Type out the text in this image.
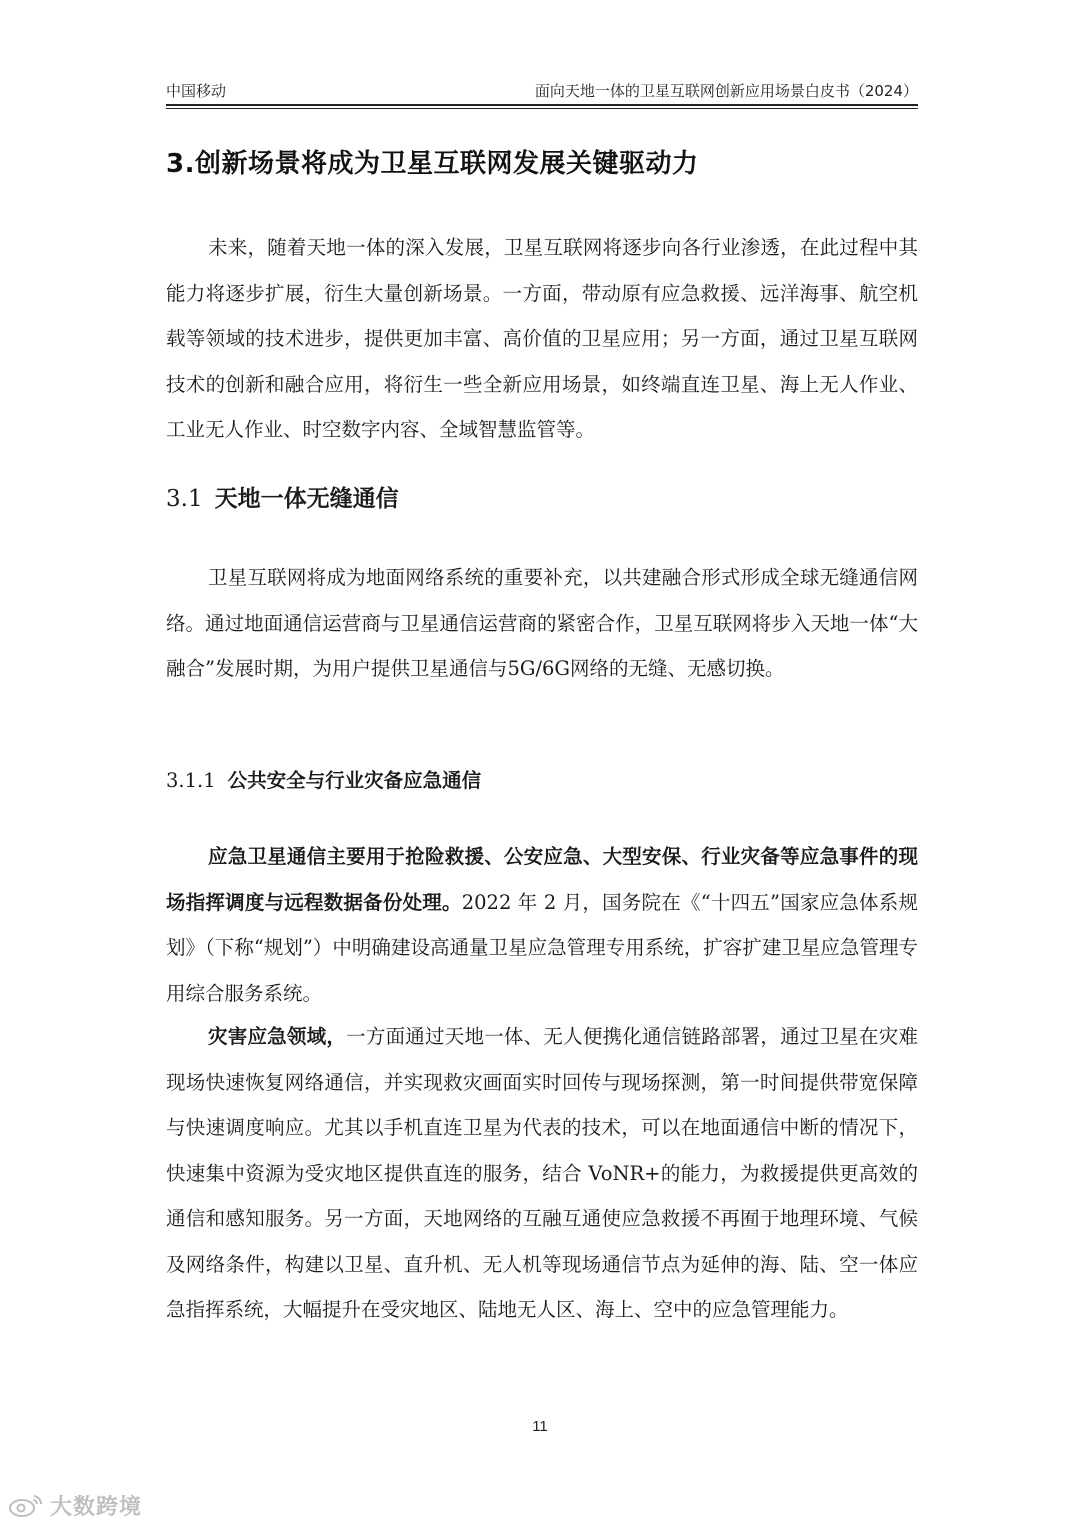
中国移动	面向天地一体的卫星互联网创新应用场景白皮书（2024）
3.创新场景将成为卫星互联网发展关键驱动力

未来，随着天地一体的深入发展，卫星互联网将逐步向各行业渗透，在此过程中其能力将逐步扩展，衍生大量创新场景。一方面，带动原有应急救援、远洋海事、航空机载等领域的技术进步，提供更加丰富、高价值的卫星应用；另一方面，通过卫星互联网技术的创新和融合应用，将衍生一些全新应用场景，如终端直连卫星、海上无人作业、工业无人作业、时空数字内容、全域智慧监管等。

3.1 天地一体无缝通信

卫星互联网将成为地面网络系统的重要补充，以共建融合形式形成全球无缝通信网络。通过地面通信运营商与卫星通信运营商的紧密合作，卫星互联网将步入天地一体“大融合”发展时期，为用户提供卫星通信与5G/6G网络的无缝、无感切换。

3.1.1 公共安全与行业灾备应急通信

应急卫星通信主要用于抢险救援、公安应急、大型安保、行业灾备等应急事件的现场指挥调度与远程数据备份处理。2022 年 2 月，国务院在《“十四五”国家应急体系规划》（下称“规划”）中明确建设高通量卫星应急管理专用系统，扩容扩建卫星应急管理专用综合服务系统。

灾害应急领域，一方面通过天地一体、无人便携化通信链路部署，通过卫星在灾难现场快速恢复网络通信，并实现救灾画面实时回传与现场探测，第一时间提供带宽保障与快速调度响应。尤其以手机直连卫星为代表的技术，可以在地面通信中断的情况下，快速集中资源为受灾地区提供直连的服务，结合 VoNR+的能力，为救援提供更高效的通信和感知服务。另一方面，天地网络的互融互通使应急救援不再囿于地理环境、气候及网络条件，构建以卫星、直升机、无人机等现场通信节点为延伸的海、陆、空一体应急指挥系统，大幅提升在受灾地区、陆地无人区、海上、空中的应急管理能力。

11
大数跨境
